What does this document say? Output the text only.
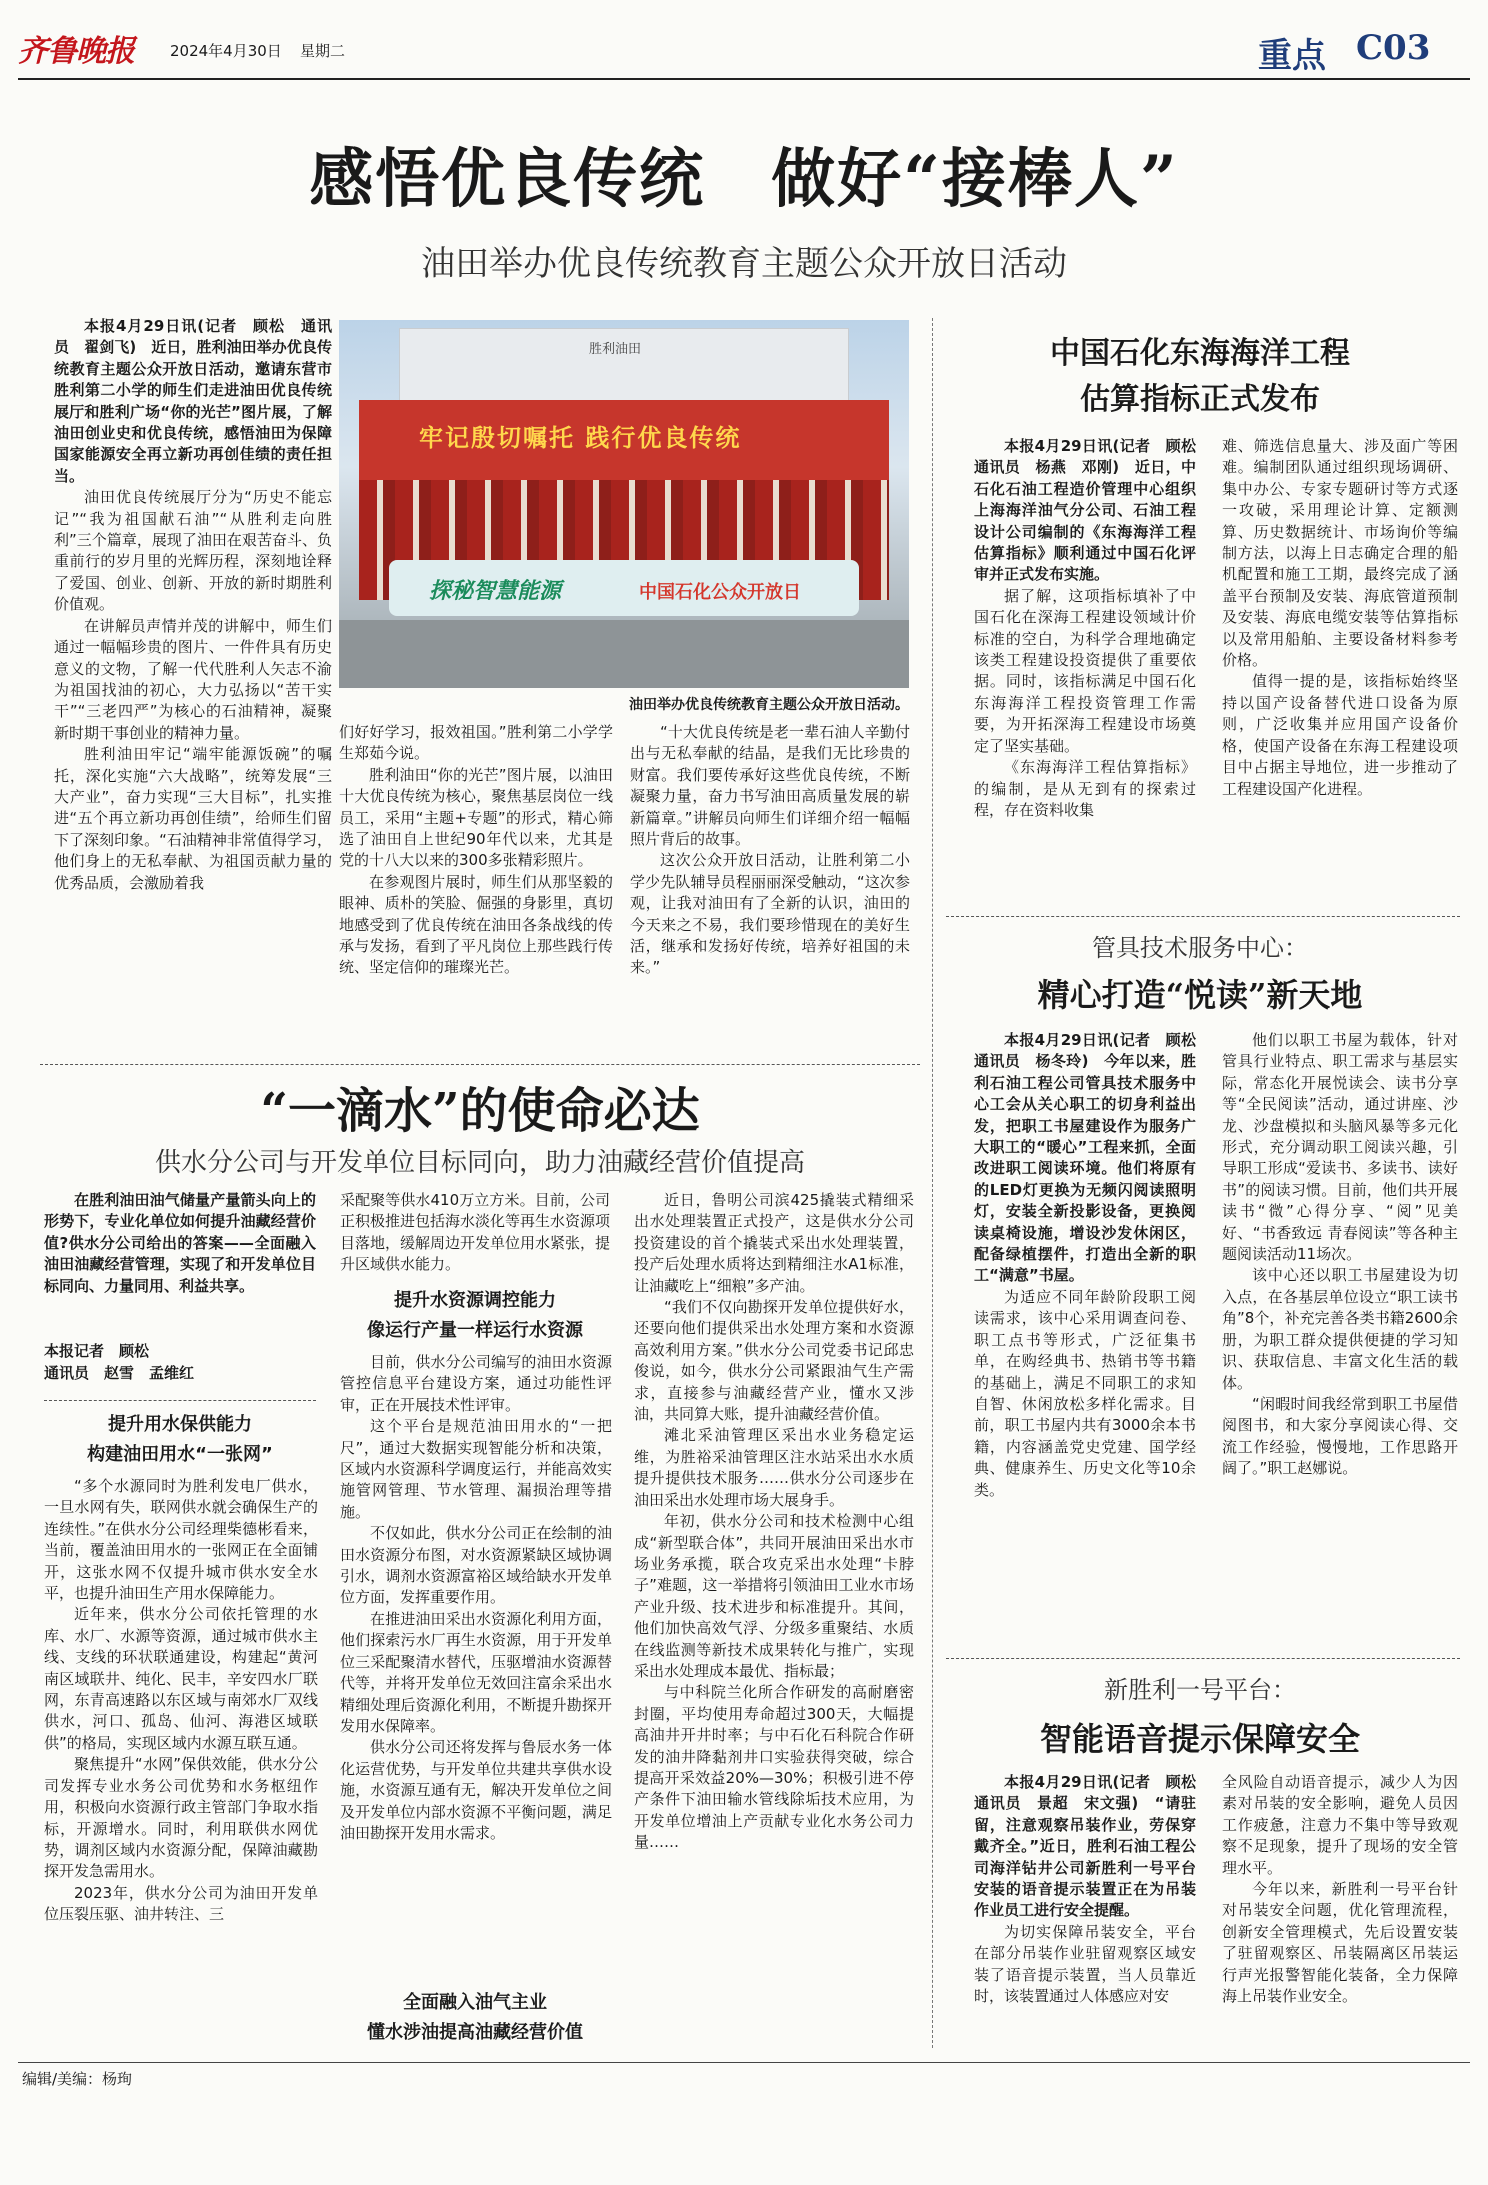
齐鲁晚报 2024年4月30日 星期二	重点 C03
感悟优良传统　做好“接棒人”
油田举办优良传统教育主题公众开放日活动

本报4月29日讯(记者　顾松　通讯员　翟剑飞)　近日，胜利油田举办优良传统教育主题公众开放日活动，邀请东营市胜利第二小学的师生们走进油田优良传统展厅和胜利广场“你的光芒”图片展，了解油田创业史和优良传统，感悟油田为保障国家能源安全再立新功再创佳绩的责任担当。

油田优良传统展厅分为“历史不能忘记”“我为祖国献石油”“从胜利走向胜利”三个篇章，展现了油田在艰苦奋斗、负重前行的岁月里的光辉历程，深刻地诠释了爱国、创业、创新、开放的新时期胜利价值观。

在讲解员声情并茂的讲解中，师生们通过一幅幅珍贵的图片、一件件具有历史意义的文物，了解一代代胜利人矢志不渝为祖国找油的初心，大力弘扬以“苦干实干”“三老四严”为核心的石油精神，凝聚新时期干事创业的精神力量。

胜利油田牢记“端牢能源饭碗”的嘱托，深化实施“六大战略”，统筹发展“三大产业”，奋力实现“三大目标”，扎实推进“五个再立新功再创佳绩”，给师生们留下了深刻印象。“石油精神非常值得学习，他们身上的无私奉献、为祖国贡献力量的优秀品质，会激励着我

胜利油田
牢记殷切嘱托 践行优良传统
探秘智慧能源	中国石化公众开放日
油田举办优良传统教育主题公众开放日活动。

们好好学习，报效祖国。”胜利第二小学学生郑茹今说。

胜利油田“你的光芒”图片展，以油田十大优良传统为核心，聚焦基层岗位一线员工，采用“主题+专题”的形式，精心筛选了油田自上世纪90年代以来，尤其是党的十八大以来的300多张精彩照片。

在参观图片展时，师生们从那坚毅的眼神、质朴的笑脸、倔强的身影里，真切地感受到了优良传统在油田各条战线的传承与发扬，看到了平凡岗位上那些践行传统、坚定信仰的璀璨光芒。

“十大优良传统是老一辈石油人辛勤付出与无私奉献的结晶，是我们无比珍贵的财富。我们要传承好这些优良传统，不断凝聚力量，奋力书写油田高质量发展的崭新篇章。”讲解员向师生们详细介绍一幅幅照片背后的故事。

这次公众开放日活动，让胜利第二小学少先队辅导员程丽丽深受触动，“这次参观，让我对油田有了全新的认识，油田的今天来之不易，我们要珍惜现在的美好生活，继承和发扬好传统，培养好祖国的未来。”

中国石化东海海洋工程
估算指标正式发布

本报4月29日讯(记者　顾松　通讯员　杨燕　邓刚)　近日，中石化石油工程造价管理中心组织上海海洋油气分公司、石油工程设计公司编制的《东海海洋工程估算指标》顺利通过中国石化评审并正式发布实施。

据了解，这项指标填补了中国石化在深海工程建设领域计价标准的空白，为科学合理地确定该类工程建设投资提供了重要依据。同时，该指标满足中国石化东海海洋工程投资管理工作需要，为开拓深海工程建设市场奠定了坚实基础。

《东海海洋工程估算指标》的编制，是从无到有的探索过程，存在资料收集

难、筛选信息量大、涉及面广等困难。编制团队通过组织现场调研、集中办公、专家专题研讨等方式逐一攻破，采用理论计算、定额测算、历史数据统计、市场询价等编制方法，以海上日志确定合理的船机配置和施工工期，最终完成了涵盖平台预制及安装、海底管道预制及安装、海底电缆安装等估算指标以及常用船舶、主要设备材料参考价格。

值得一提的是，该指标始终坚持以国产设备替代进口设备为原则，广泛收集并应用国产设备价格，使国产设备在东海工程建设项目中占据主导地位，进一步推动了工程建设国产化进程。

管具技术服务中心：
精心打造“悦读”新天地

本报4月29日讯(记者　顾松　通讯员　杨冬玲)　今年以来，胜利石油工程公司管具技术服务中心工会从关心职工的切身利益出发，把职工书屋建设作为服务广大职工的“暖心”工程来抓，全面改进职工阅读环境。他们将原有的LED灯更换为无频闪阅读照明灯，安装全新投影设备，更换阅读桌椅设施，增设沙发休闲区，配备绿植摆件，打造出全新的职工“满意”书屋。

为适应不同年龄阶段职工阅读需求，该中心采用调查问卷、职工点书等形式，广泛征集书单，在购经典书、热销书等书籍的基础上，满足不同职工的求知自智、休闲放松多样化需求。目前，职工书屋内共有3000余本书籍，内容涵盖党史党建、国学经典、健康养生、历史文化等10余类。

他们以职工书屋为载体，针对管具行业特点、职工需求与基层实际，常态化开展悦读会、读书分享等“全民阅读”活动，通过讲座、沙龙、沙盘模拟和头脑风暴等多元化形式，充分调动职工阅读兴趣，引导职工形成“爱读书、多读书、读好书”的阅读习惯。目前，他们共开展读书“微”心得分享、“阅”见美好、“书香致远 青春阅读”等各种主题阅读活动11场次。

该中心还以职工书屋建设为切入点，在各基层单位设立“职工读书角”8个，补充完善各类书籍2600余册，为职工群众提供便捷的学习知识、获取信息、丰富文化生活的载体。

“闲暇时间我经常到职工书屋借阅图书，和大家分享阅读心得、交流工作经验，慢慢地，工作思路开阔了。”职工赵娜说。

新胜利一号平台：
智能语音提示保障安全

本报4月29日讯(记者　顾松　通讯员　景超　宋文强)　“请驻留，注意观察吊装作业，劳保穿戴齐全。”近日，胜利石油工程公司海洋钻井公司新胜利一号平台安装的语音提示装置正在为吊装作业员工进行安全提醒。

为切实保障吊装安全，平台在部分吊装作业驻留观察区域安装了语音提示装置，当人员靠近时，该装置通过人体感应对安

全风险自动语音提示，减少人为因素对吊装的安全影响，避免人员因工作疲惫，注意力不集中等导致观察不足现象，提升了现场的安全管理水平。

今年以来，新胜利一号平台针对吊装安全问题，优化管理流程，创新安全管理模式，先后设置安装了驻留观察区、吊装隔离区吊装运行声光报警智能化装备，全力保障海上吊装作业安全。

“一滴水”的使命必达
供水分公司与开发单位目标同向，助力油藏经营价值提高
在胜利油田油气储量产量箭头向上的形势下，专业化单位如何提升油藏经营价值?供水分公司给出的答案——全面融入油田油藏经营管理，实现了和开发单位目标同向、力量同用、利益共享。
本报记者　顾松
通讯员　赵雪　孟维红
提升用水保供能力
构建油田用水“一张网”

“多个水源同时为胜利发电厂供水，一旦水网有失，联网供水就会确保生产的连续性。”在供水分公司经理柴德彬看来，当前，覆盖油田用水的一张网正在全面铺开，这张水网不仅提升城市供水安全水平，也提升油田生产用水保障能力。

近年来，供水分公司依托管理的水库、水厂、水源等资源，通过城市供水主线、支线的环状联通建设，构建起“黄河南区域联井、纯化、民丰，辛安四水厂联网，东青高速路以东区域与南郊水厂双线供水，河口、孤岛、仙河、海港区域联供”的格局，实现区域内水源互联互通。

聚焦提升“水网”保供效能，供水分公司发挥专业水务公司优势和水务枢纽作用，积极向水资源行政主管部门争取水指标，开源增水。同时，利用联供水网优势，调剂区域内水资源分配，保障油藏勘探开发急需用水。

2023年，供水分公司为油田开发单位压裂压驱、油井转注、三

采配聚等供水410万立方米。目前，公司正积极推进包括海水淡化等再生水资源项目落地，缓解周边开发单位用水紧张，提升区域供水能力。

提升水资源调控能力
像运行产量一样运行水资源

目前，供水分公司编写的油田水资源管控信息平台建设方案，通过功能性评审，正在开展技术性评审。

这个平台是规范油田用水的“一把尺”，通过大数据实现智能分析和决策，区域内水资源科学调度运行，并能高效实施管网管理、节水管理、漏损治理等措施。

不仅如此，供水分公司正在绘制的油田水资源分布图，对水资源紧缺区域协调引水，调剂水资源富裕区域给缺水开发单位方面，发挥重要作用。

在推进油田采出水资源化利用方面，他们探索污水厂再生水资源，用于开发单位三采配聚清水替代，压驱增油水资源替代等，并将开发单位无效回注富余采出水精细处理后资源化利用，不断提升勘探开发用水保障率。

供水分公司还将发挥与鲁辰水务一体化运营优势，与开发单位共建共享供水设施，水资源互通有无，解决开发单位之间及开发单位内部水资源不平衡问题，满足油田勘探开发用水需求。

全面融入油气主业
懂水涉油提高油藏经营价值

近日，鲁明公司滨425撬装式精细采出水处理装置正式投产，这是供水分公司投资建设的首个撬装式采出水处理装置，投产后处理水质将达到精细注水A1标准，让油藏吃上“细粮”多产油。

“我们不仅向勘探开发单位提供好水，还要向他们提供采出水处理方案和水资源高效利用方案。”供水分公司党委书记邱忠俊说，如今，供水分公司紧跟油气生产需求，直接参与油藏经营产业，懂水又涉油，共同算大账，提升油藏经营价值。

滩北采油管理区采出水业务稳定运维，为胜裕采油管理区注水站采出水水质提升提供技术服务……供水分公司逐步在油田采出水处理市场大展身手。

年初，供水分公司和技术检测中心组成“新型联合体”，共同开展油田采出水市场业务承揽，联合攻克采出水处理“卡脖子”难题，这一举措将引领油田工业水市场产业升级、技术进步和标准提升。其间，他们加快高效气浮、分级多重聚结、水质在线监测等新技术成果转化与推广，实现采出水处理成本最优、指标最；

与中科院兰化所合作研发的高耐磨密封圈，平均使用寿命超过300天，大幅提高油井开井时率；与中石化石科院合作研发的油井降黏剂井口实验获得突破，综合提高开采效益20%—30%；积极引进不停产条件下油田输水管线除垢技术应用，为开发单位增油上产贡献专业化水务公司力量……

编辑/美编：杨珣
